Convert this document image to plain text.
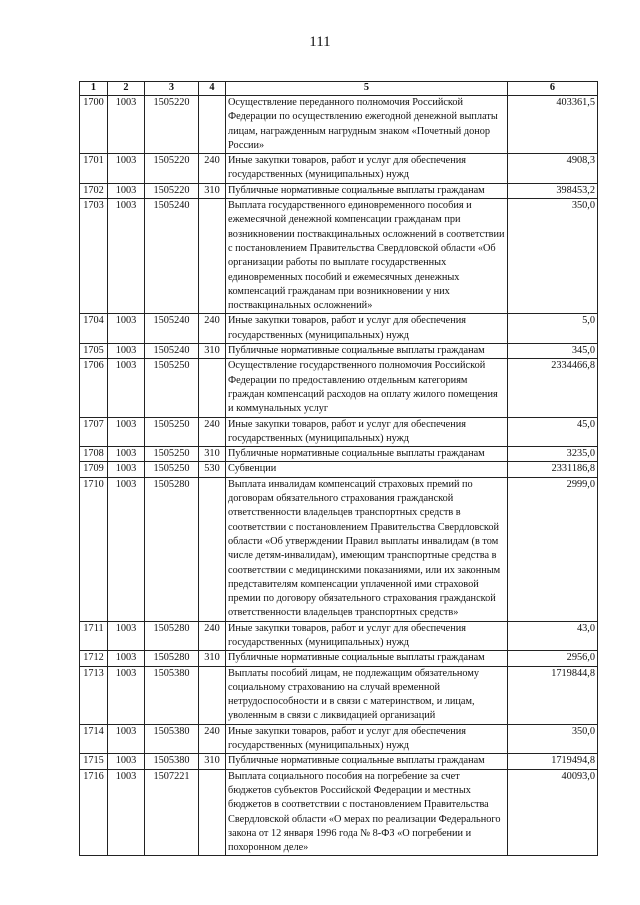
111
1	2	3	4	5	6
1700	1003	1505220		Осуществление переданного полномочия Российской Федерации по осуществлению ежегодной денежной выплаты лицам, награжденным нагрудным знаком «Почетный донор России»	403361,5
1701	1003	1505220	240	Иные закупки товаров, работ и услуг для обеспечения государственных (муниципальных) нужд	4908,3
1702	1003	1505220	310	Публичные нормативные социальные выплаты гражданам	398453,2
1703	1003	1505240		Выплата государственного единовременного пособия и ежемесячной денежной компенсации гражданам при возникновении поствакцинальных осложнений в соответствии с постановлением Правительства Свердловской области «Об организации работы по выплате государственных единовременных пособий и ежемесячных денежных компенсаций гражданам при возникновении у них поствакцинальных осложнений»	350,0
1704	1003	1505240	240	Иные закупки товаров, работ и услуг для обеспечения государственных (муниципальных) нужд	5,0
1705	1003	1505240	310	Публичные нормативные социальные выплаты гражданам	345,0
1706	1003	1505250		Осуществление государственного полномочия Российской Федерации по предоставлению отдельным категориям граждан компенсаций расходов на оплату жилого помещения и коммунальных услуг	2334466,8
1707	1003	1505250	240	Иные закупки товаров, работ и услуг для обеспечения государственных (муниципальных) нужд	45,0
1708	1003	1505250	310	Публичные нормативные социальные выплаты гражданам	3235,0
1709	1003	1505250	530	Субвенции	2331186,8
1710	1003	1505280		Выплата инвалидам компенсаций страховых премий по договорам обязательного страхования гражданской ответственности владельцев транспортных средств в соответствии с постановлением Правительства Свердловской области «Об утверждении Правил выплаты инвалидам (в том числе детям-инвалидам), имеющим транспортные средства в соответствии с медицинскими показаниями, или их законным представителям компенсации уплаченной ими страховой премии по договору обязательного страхования гражданской ответственности владельцев транспортных средств»	2999,0
1711	1003	1505280	240	Иные закупки товаров, работ и услуг для обеспечения государственных (муниципальных) нужд	43,0
1712	1003	1505280	310	Публичные нормативные социальные выплаты гражданам	2956,0
1713	1003	1505380		Выплаты пособий лицам, не подлежащим обязательному социальному страхованию на случай временной нетрудоспособности и в связи с материнством, и лицам, уволенным в связи с ликвидацией организаций	1719844,8
1714	1003	1505380	240	Иные закупки товаров, работ и услуг для обеспечения государственных (муниципальных) нужд	350,0
1715	1003	1505380	310	Публичные нормативные социальные выплаты гражданам	1719494,8
1716	1003	1507221		Выплата социального пособия на погребение за счет бюджетов субъектов Российской Федерации и местных бюджетов в соответствии с постановлением Правительства Свердловской области «О мерах по реализации Федерального закона от 12 января 1996 года № 8-ФЗ «О погребении и похоронном деле»	40093,0
